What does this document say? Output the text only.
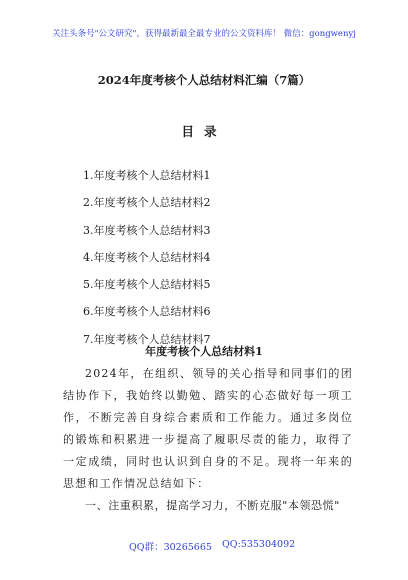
关注头条号"公文研究"，获得最新最全最专业的公文资料库！ 微信：gongwenyj
2024年度考核个人总结材料汇编（7篇）
目录
1.年度考核个人总结材料1
2.年度考核个人总结材料2
3.年度考核个人总结材料3
4.年度考核个人总结材料4
5.年度考核个人总结材料5
6.年度考核个人总结材料6
7.年度考核个人总结材料7
年度考核个人总结材料1
2024年，在组织、领导的关心指导和同事们的团结协作下，我始终以勤勉、踏实的心态做好每一项工作，不断完善自身综合素质和工作能力。通过多岗位的锻炼和积累进一步提高了履职尽责的能力，取得了一定成绩，同时也认识到自身的不足。现将一年来的思想和工作情况总结如下：
一、注重积累，提高学习力，不断克服"本领恐慌"
QQ群：30265665 QQ:535304092
